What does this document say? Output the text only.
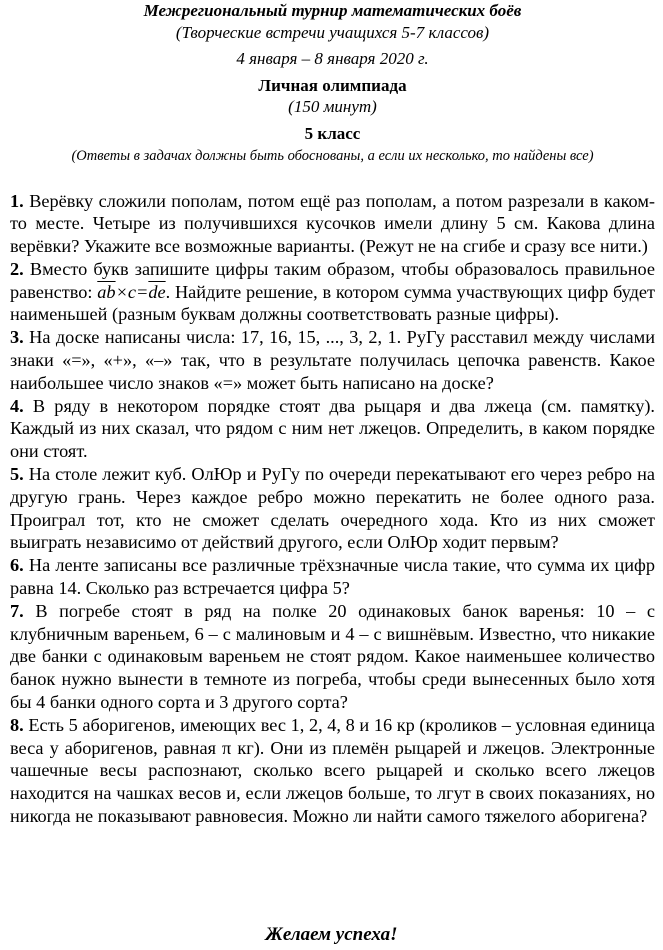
Межрегиональный турнир математических боёв
(Творческие встречи учащихся 5-7 классов)
4 января – 8 января 2020 г.
Личная олимпиада
(150 минут)
5 класс
(Ответы в задачах должны быть обоснованы, а если их несколько, то найдены все)
1. Верёвку сложили пополам, потом ещё раз пополам, а потом разрезали в каком-то месте. Четыре из получившихся кусочков имели длину 5 см. Какова длина верёвки? Укажите все возможные варианты. (Режут не на сгибе и сразу все нити.)
2. Вместо букв запишите цифры таким образом, чтобы образовалось правильное равенство: $\overline{ab}\times c=\overline{de}$. Найдите решение, в котором сумма участвующих цифр будет наименьшей (разным буквам должны соответствовать разные цифры).
3. На доске написаны числа: 17, 16, 15, ..., 3, 2, 1. РуГу расставил между числами знаки «=», «+», «–» так, что в результате получилась цепочка равенств. Какое наибольшее число знаков «=» может быть написано на доске?
4. В ряду в некотором порядке стоят два рыцаря и два лжеца (см. памятку). Каждый из них сказал, что рядом с ним нет лжецов. Определить, в каком порядке они стоят.
5. На столе лежит куб. ОлЮр и РуГу по очереди перекатывают его через ребро на другую грань. Через каждое ребро можно перекатить не более одного раза. Проиграл тот, кто не сможет сделать очередного хода. Кто из них сможет выиграть независимо от действий другого, если ОлЮр ходит первым?
6. На ленте записаны все различные трёхзначные числа такие, что сумма их цифр равна 14. Сколько раз встречается цифра 5?
7. В погребе стоят в ряд на полке 20 одинаковых банок варенья: 10 – с клубничным вареньем, 6 – с малиновым и 4 – с вишнёвым. Известно, что никакие две банки с одинаковым вареньем не стоят рядом. Какое наименьшее количество банок нужно вынести в темноте из погреба, чтобы среди вынесенных было хотя бы 4 банки одного сорта и 3 другого сорта?
8. Есть 5 аборигенов, имеющих вес 1, 2, 4, 8 и 16 кр (кроликов – условная единица веса у аборигенов, равная π кг). Они из племён рыцарей и лжецов. Электронные чашечные весы распознают, сколько всего рыцарей и сколько всего лжецов находится на чашках весов и, если лжецов больше, то лгут в своих показаниях, но никогда не показывают равновесия. Можно ли найти самого тяжелого аборигена?
Желаем успеха!
